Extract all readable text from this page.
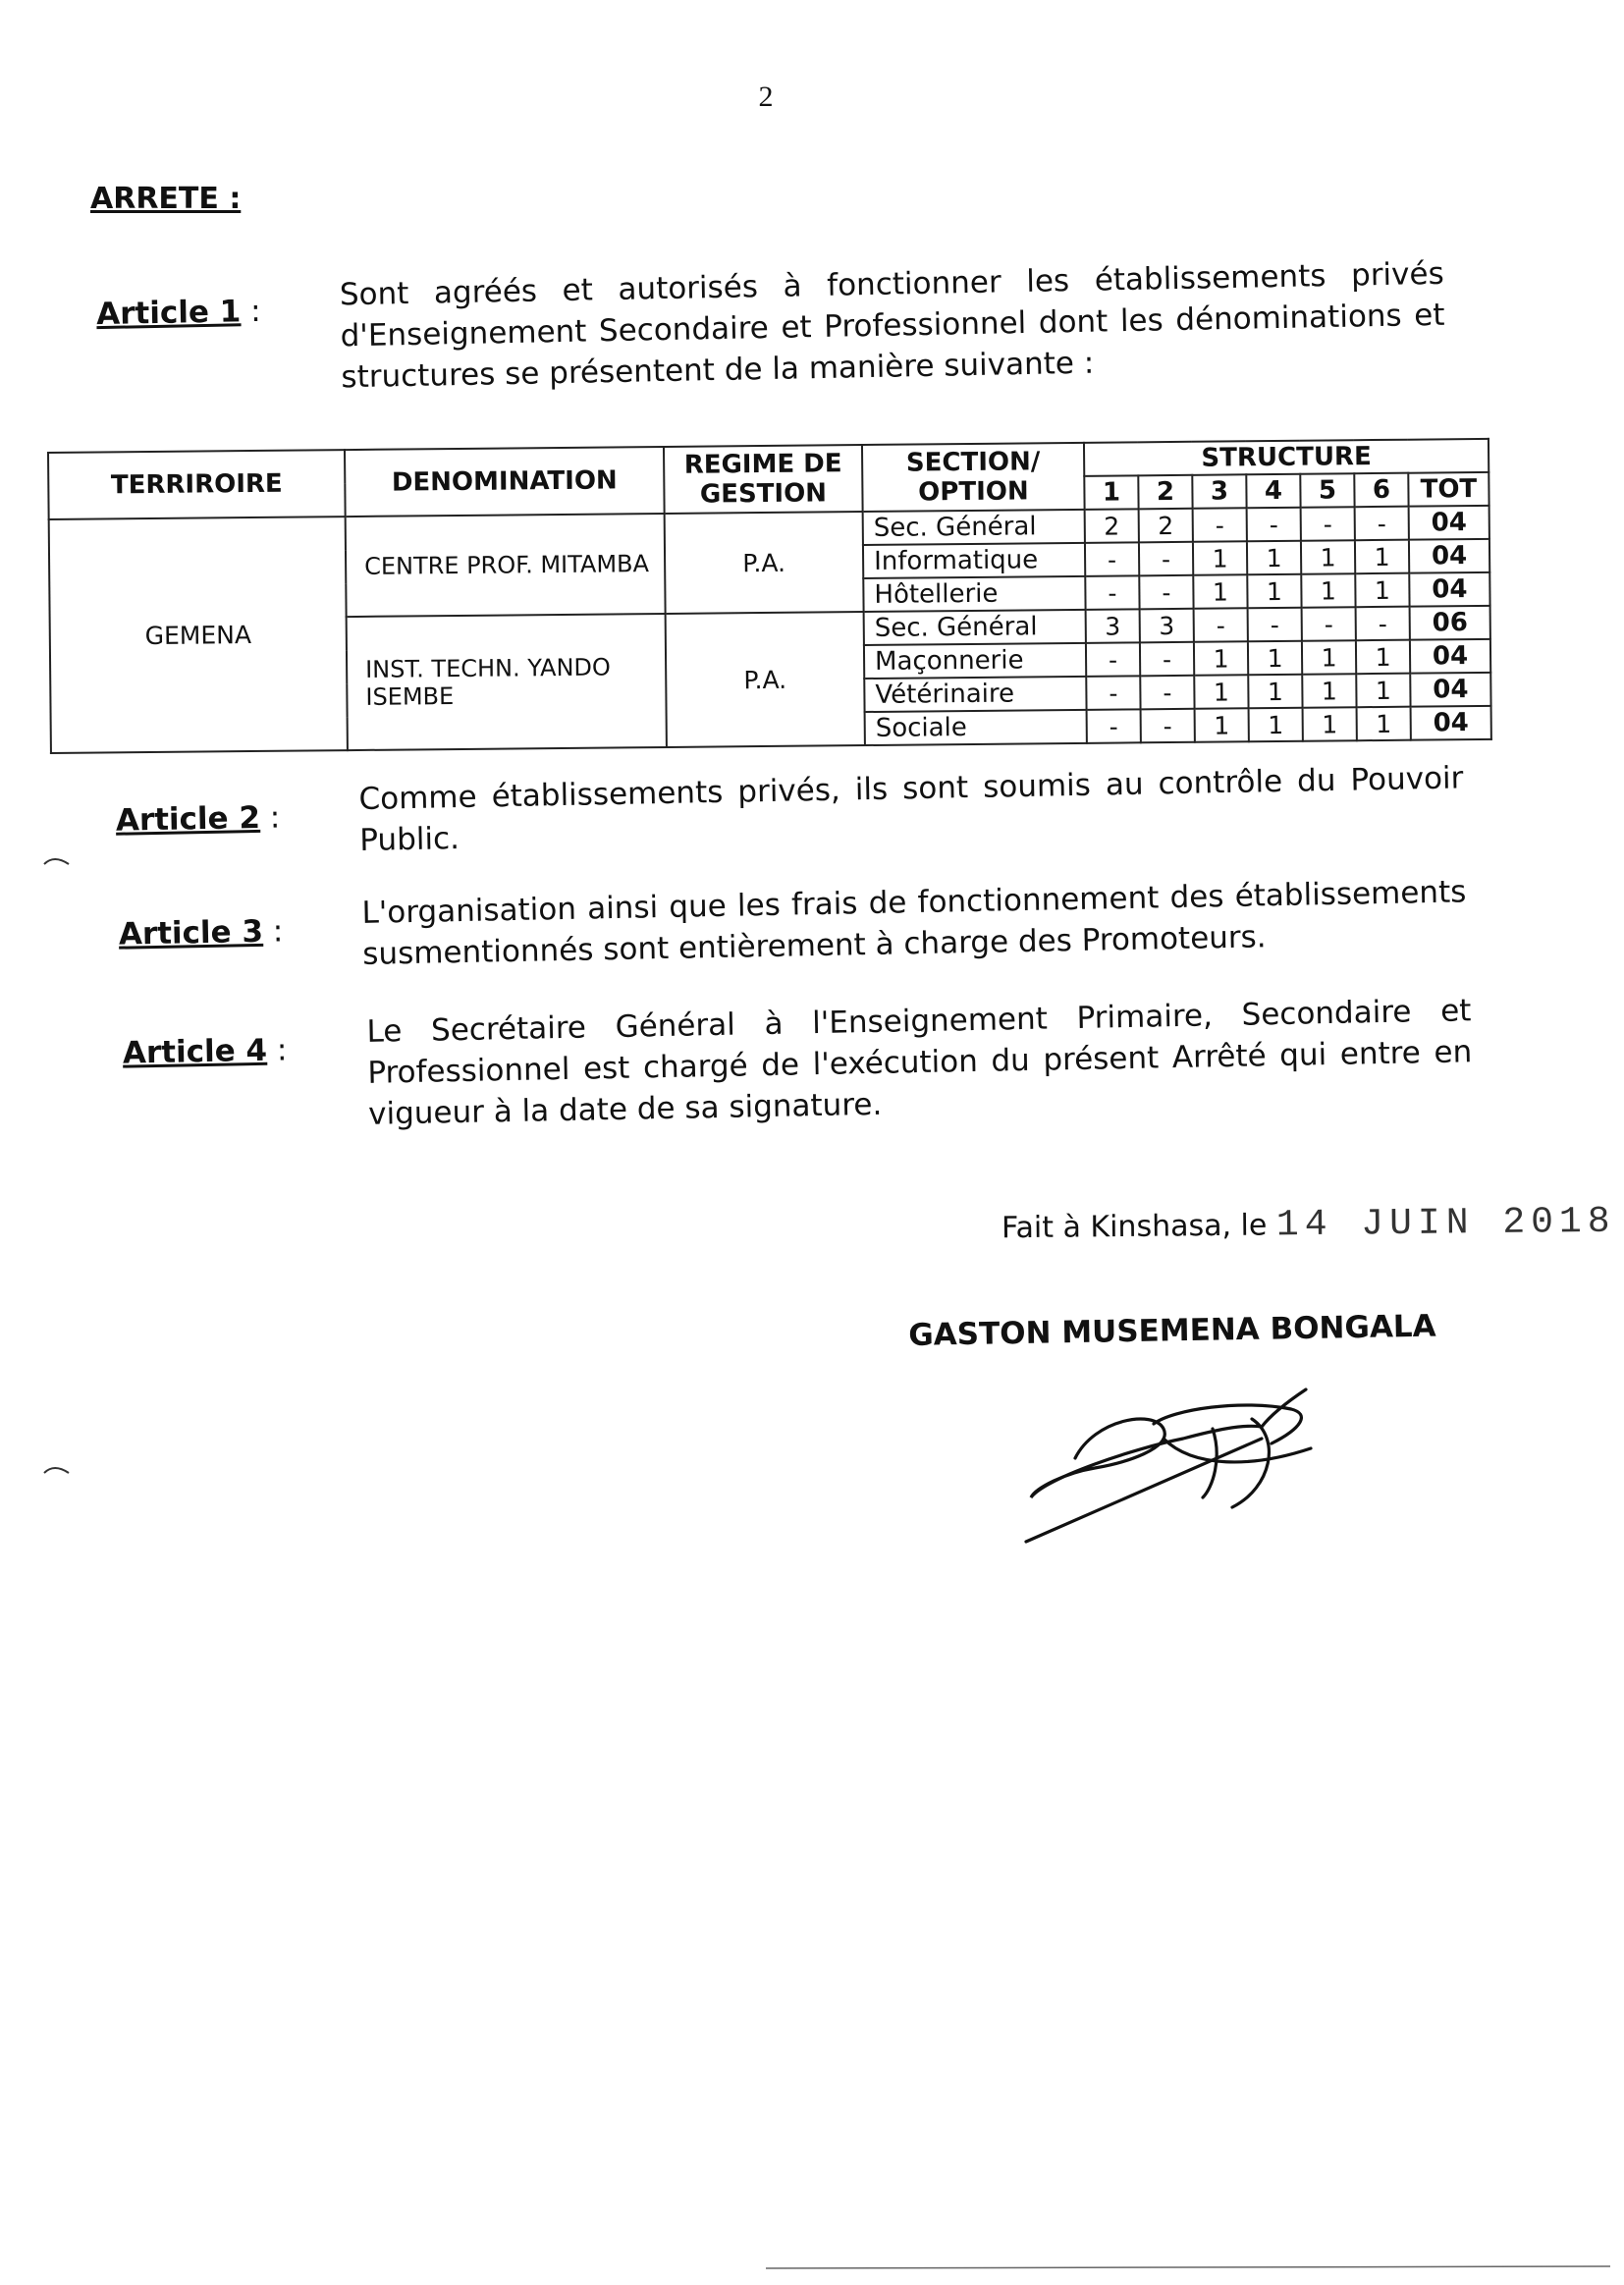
2
ARRETE :
Article 1 :	Sont agréés et autorisés à fonctionner les établissements privés d'Enseignement Secondaire et Professionnel dont les dénominations et structures se présentent de la manière suivante :
TERRIROIRE	DENOMINATION	REGIME DE GESTION	SECTION/ OPTION	STRUCTURE						
				1	2	3	4	5	6	TOT
GEMENA	CENTRE PROF. MITAMBA	P.A.	Sec. Général	2	2	-	-	-	-	04
			Informatique	-	-	1	1	1	1	04
			Hôtellerie	-	-	1	1	1	1	04
	INST. TECHN. YANDO ISEMBE	P.A.	Sec. Général	3	3	-	-	-	-	06
			Maçonnerie	-	-	1	1	1	1	04
			Vétérinaire	-	-	1	1	1	1	04
			Sociale	-	-	1	1	1	1	04
Article 2 :
Comme établissements privés, ils sont soumis au contrôle du Pouvoir Public.
Article 3 :
L'organisation ainsi que les frais de fonctionnement des établissements susmentionnés sont entièrement à charge des Promoteurs.
Article 4 :
Le Secrétaire Général à l'Enseignement Primaire, Secondaire et Professionnel est chargé de l'exécution du présent Arrêté qui entre en vigueur à la date de sa signature.
Fait à Kinshasa, le 14 JUIN 2018
GASTON MUSEMENA BONGALA
